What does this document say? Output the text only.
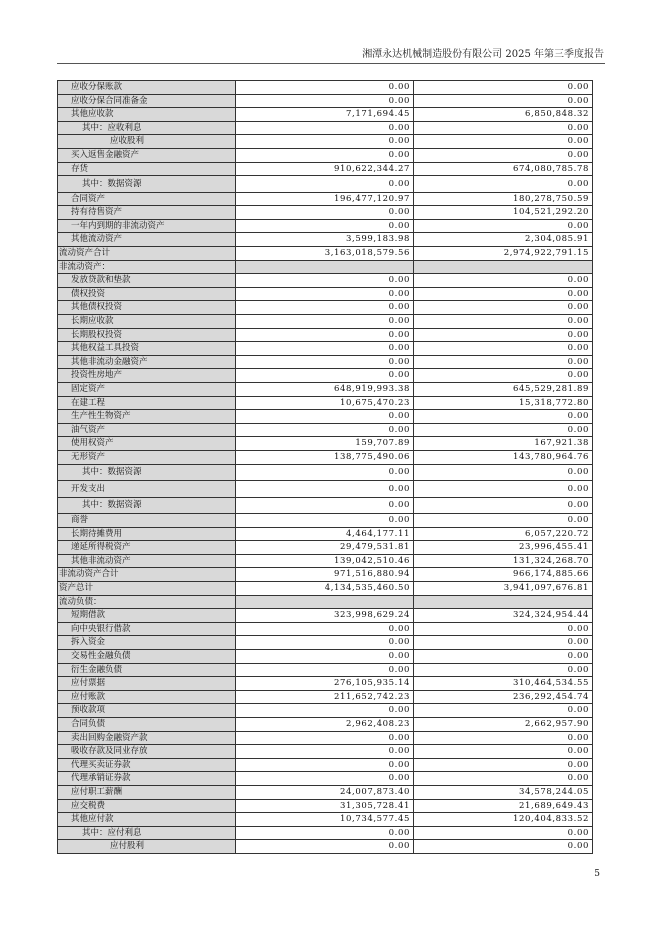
湘潭永达机械制造股份有限公司 2025 年第三季度报告
应收分保账款	0.00	0.00
应收分保合同准备金	0.00	0.00
其他应收款	7,171,694.45	6,850,848.32
其中：应收利息	0.00	0.00
应收股利	0.00	0.00
买入返售金融资产	0.00	0.00
存货	910,622,344.27	674,080,785.78
其中：数据资源	0.00	0.00
合同资产	196,477,120.97	180,278,750.59
持有待售资产	0.00	104,521,292.20
一年内到期的非流动资产	0.00	0.00
其他流动资产	3,599,183.98	2,304,085.91
流动资产合计	3,163,018,579.56	2,974,922,791.15
非流动资产：		
发放贷款和垫款	0.00	0.00
债权投资	0.00	0.00
其他债权投资	0.00	0.00
长期应收款	0.00	0.00
长期股权投资	0.00	0.00
其他权益工具投资	0.00	0.00
其他非流动金融资产	0.00	0.00
投资性房地产	0.00	0.00
固定资产	648,919,993.38	645,529,281.89
在建工程	10,675,470.23	15,318,772.80
生产性生物资产	0.00	0.00
油气资产	0.00	0.00
使用权资产	159,707.89	167,921.38
无形资产	138,775,490.06	143,780,964.76
其中：数据资源	0.00	0.00
开发支出	0.00	0.00
其中：数据资源	0.00	0.00
商誉	0.00	0.00
长期待摊费用	4,464,177.11	6,057,220.72
递延所得税资产	29,479,531.81	23,996,455.41
其他非流动资产	139,042,510.46	131,324,268.70
非流动资产合计	971,516,880.94	966,174,885.66
资产总计	4,134,535,460.50	3,941,097,676.81
流动负债：		
短期借款	323,998,629.24	324,324,954.44
向中央银行借款	0.00	0.00
拆入资金	0.00	0.00
交易性金融负债	0.00	0.00
衍生金融负债	0.00	0.00
应付票据	276,105,935.14	310,464,534.55
应付账款	211,652,742.23	236,292,454.74
预收款项	0.00	0.00
合同负债	2,962,408.23	2,662,957.90
卖出回购金融资产款	0.00	0.00
吸收存款及同业存放	0.00	0.00
代理买卖证券款	0.00	0.00
代理承销证券款	0.00	0.00
应付职工薪酬	24,007,873.40	34,578,244.05
应交税费	31,305,728.41	21,689,649.43
其他应付款	10,734,577.45	120,404,833.52
其中：应付利息	0.00	0.00
应付股利	0.00	0.00
5
